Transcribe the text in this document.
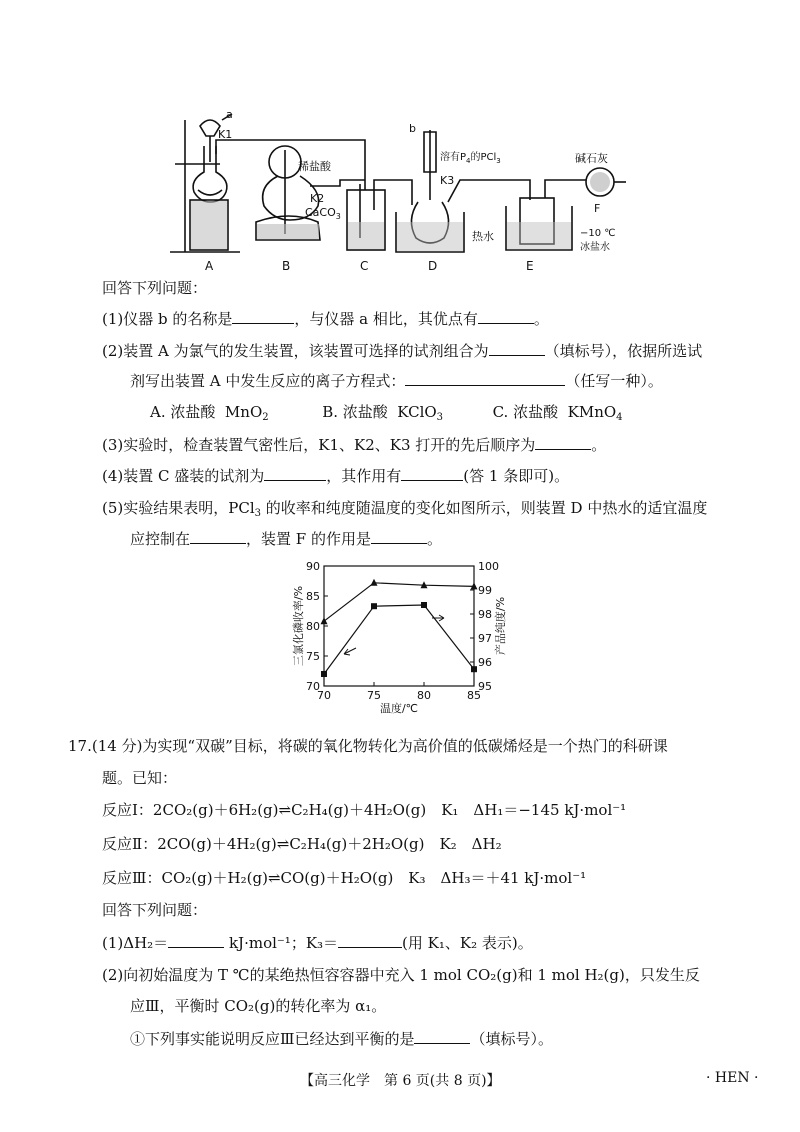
a
K1
稀盐酸
K2
CaCO$_3$
b
溶有$P_4$的PCl$_3$
K3
热水
碱石灰
−10 ℃
冰盐水
F
A	B	C	D	E
回答下列问题：
(1)仪器 b 的名称是	，与仪器 a 相比，其优点有	。
(2)装置 A 为氯气的发生装置，该装置可选择的试剂组合为	（填标号），依据所选试
剂写出装置 A 中发生反应的离子方程式：	（任写一种）。
A. 浓盐酸 MnO$_2$	B. 浓盐酸 KClO$_3$	C. 浓盐酸 KMnO$_4$
(3)实验时，检查装置气密性后，K1、K2、K3 打开的先后顺序为	。
(4)装置 C 盛装的试剂为	，其作用有	(答 1 条即可)。
(5)实验结果表明，PCl$_3$ 的收率和纯度随温度的变化如图所示，则装置 D 中热水的适宜温度
应控制在	，装置 F 的作用是	。
70
75
80
85
90
95
96
97
98
99
100
70	75	80	85
温度/℃
三氯化磷收率/%	产品纯度/%
17.(14 分)为实现“双碳”目标，将碳的氧化物转化为高价值的低碳烯烃是一个热门的科研课
题。已知：
反应Ⅰ：2CO₂(g)＋6H₂(g)⇌C₂H₄(g)＋4H₂O(g)　K₁　ΔH₁＝−145 kJ·mol⁻¹
反应Ⅱ：2CO(g)＋4H₂(g)⇌C₂H₄(g)＋2H₂O(g)　K₂　ΔH₂
反应Ⅲ：CO₂(g)＋H₂(g)⇌CO(g)＋H₂O(g)　K₃　ΔH₃＝＋41 kJ·mol⁻¹
回答下列问题：
(1)ΔH₂＝	kJ·mol⁻¹；K₃＝	(用 K₁、K₂ 表示)。
(2)向初始温度为 T ℃的某绝热恒容容器中充入 1 mol CO₂(g)和 1 mol H₂(g)，只发生反
应Ⅲ，平衡时 CO₂(g)的转化率为 α₁。
①下列事实能说明反应Ⅲ已经达到平衡的是	（填标号）。
【高三化学　第 6 页(共 8 页)】	· HEN ·
